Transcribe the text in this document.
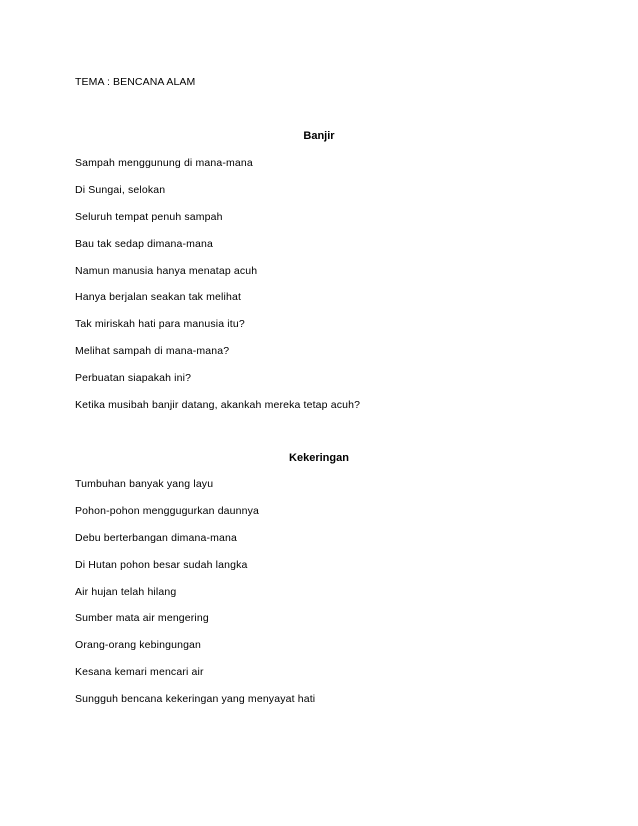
TEMA : BENCANA ALAM
Banjir
Sampah menggunung di mana-mana
Di Sungai, selokan
Seluruh tempat penuh sampah
Bau tak sedap dimana-mana
Namun manusia hanya menatap acuh
Hanya berjalan seakan tak melihat
Tak miriskah hati para manusia itu?
Melihat sampah di mana-mana?
Perbuatan siapakah ini?
Ketika musibah banjir datang, akankah mereka tetap acuh?
Kekeringan
Tumbuhan banyak yang layu
Pohon-pohon menggugurkan daunnya
Debu berterbangan dimana-mana
Di Hutan pohon besar sudah langka
Air hujan telah hilang
Sumber mata air mengering
Orang-orang kebingungan
Kesana kemari mencari air
Sungguh bencana kekeringan yang menyayat hati
